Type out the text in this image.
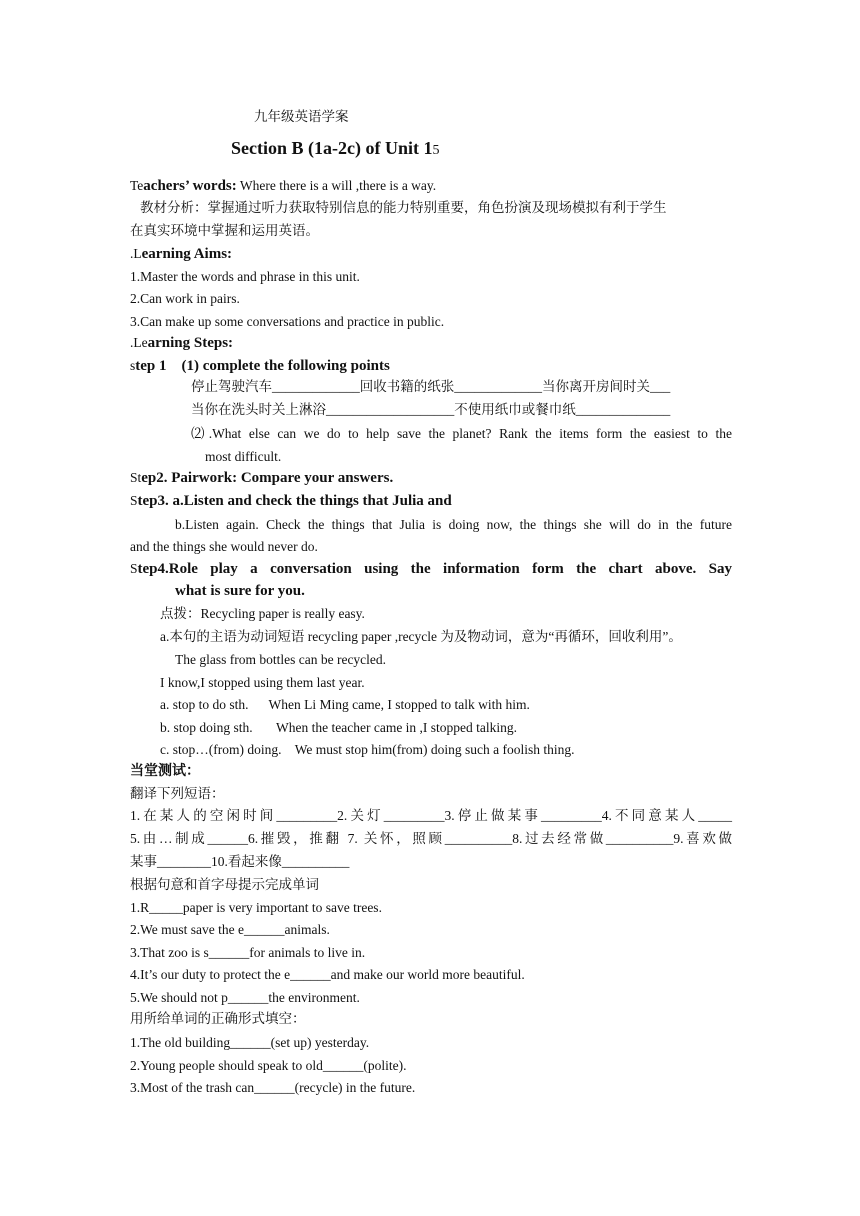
九年级英语学案
Section B (1a-2c) of Unit 15
Teachers’ words: Where there is a will ,there is a way.
教材分析：掌握通过听力获取特别信息的能力特别重要，角色扮演及现场模拟有利于学生
在真实环境中掌握和运用英语。
.Learning Aims:
1.Master the words and phrase in this unit.
2.Can work in pairs.
3.Can make up some conversations and practice in public.
.Learning Steps:
step 1    (1) complete the following points
停止驾驶汽车_____________回收书籍的纸张_____________当你离开房间时关___
当你在洗头时关上淋浴___________________不使用纸巾或餐巾纸______________
⑵.What else can we do to help save the planet? Rank the items form the easiest to the
most difficult.
Step2. Pairwork: Compare your answers.
Step3. a.Listen and check the things that Julia and
b.Listen again. Check the things that Julia is doing now, the things she will do in the future
and the things she would never do.
Step4.Role play a conversation using the information form the chart above. Say
what is sure for you.
点拨：Recycling paper is really easy.
a.本句的主语为动词短语 recycling paper ,recycle 为及物动词，意为“再循环，回收利用”。
The glass from bottles can be recycled.
I know,I stopped using them last year.
a. stop to do sth.      When Li Ming came, I stopped to talk with him.
b. stop doing sth.       When the teacher came in ,I stopped talking.
c. stop…(from) doing.    We must stop him(from) doing such a foolish thing.
当堂测试：
翻译下列短语：
1.在某人的空闲时间_________2.关灯_________3.停止做某事_________4.不同意某人_____
5.由…制成______6.摧毁，推翻 7. 关怀，照顾__________8.过去经常做__________9.喜欢做
某事________10.看起来像__________
根据句意和首字母提示完成单词
1.R_____paper is very important to save trees.
2.We must save the e______animals.
3.That zoo is s______for animals to live in.
4.It’s our duty to protect the e______and make our world more beautiful.
5.We should not p______the environment.
用所给单词的正确形式填空：
1.The old building______(set up) yesterday.
2.Young people should speak to old______(polite).
3.Most of the trash can______(recycle) in the future.
